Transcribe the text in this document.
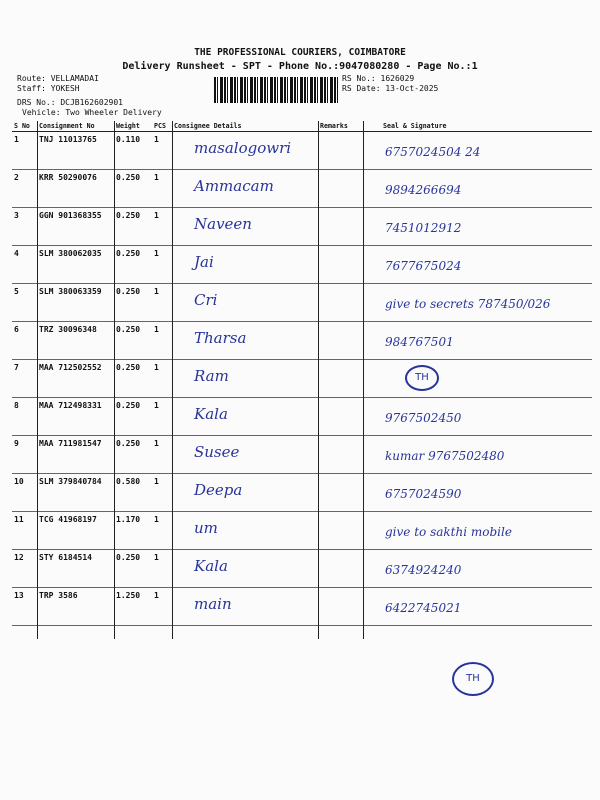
THE PROFESSIONAL COURIERS, COIMBATORE
Delivery Runsheet - SPT - Phone No.:9047080280 - Page No.:1
Route: VELLAMADAI
Staff: YOKESH
DRS No.: DCJB162602901
RS No.: 1626029
RS Date: 13-Oct-2025
Vehicle: Two Wheeler Delivery
S No	Consignment No	Weight	PCS	Consignee Details	Remarks	Seal & Signature
1	TNJ 11013765	0.110	1	masalogowri		6757024504 24

2	KRR 50290076	0.250	1	Ammacam		9894266694

3	GGN 901368355	0.250	1	Naveen		7451012912

4	SLM 380062035	0.250	1	Jai		7677675024

5	SLM 380063359	0.250	1	Cri		give to secrets 787450/026

6	TRZ 30096348	0.250	1	Tharsa		984767501

7	MAA 712502552	0.250	1	Ram		TH

8	MAA 712498331	0.250	1	Kala		9767502450

9	MAA 711981547	0.250	1	Susee		kumar 9767502480

10	SLM 379840784	0.580	1	Deepa		6757024590

11	TCG 41968197	1.170	1	um		give to sakthi mobile

12	STY 6184514	0.250	1	Kala		6374924240

13	TRP 3586	1.250	1	main		6422745021
TH
